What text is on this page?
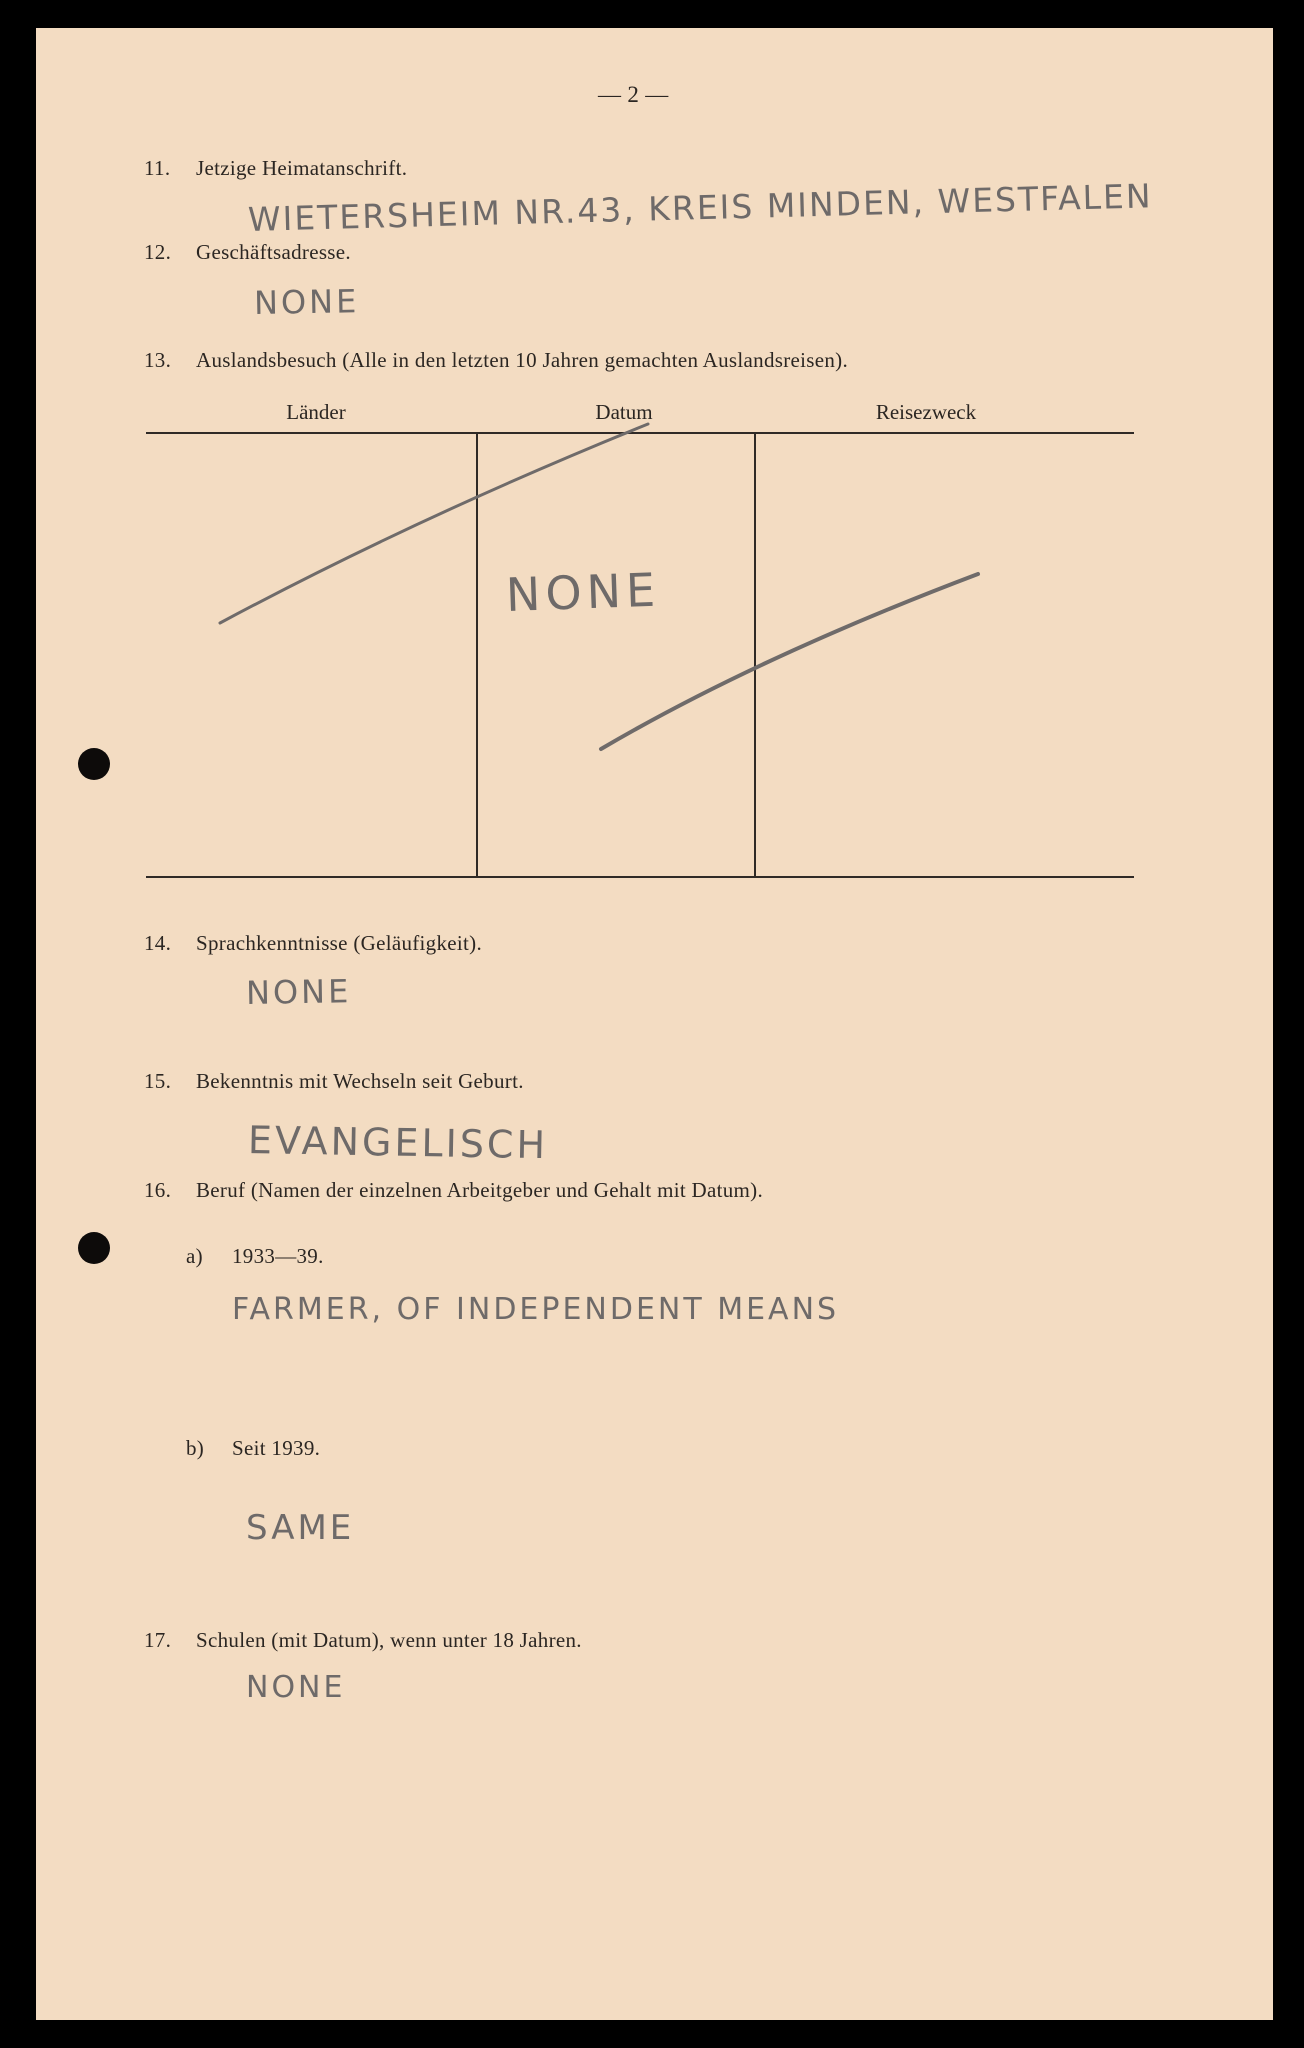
— 2 —
11. Jetzige Heimatanschrift.
WIETERSHEIM NR.43, KREIS MINDEN, WESTFALEN
12. Geschäftsadresse.
NONE
13. Auslandsbesuch (Alle in den letzten 10 Jahren gemachten Auslandsreisen).
Länder	Datum	Reisezweck
NONE
14. Sprachkenntnisse (Geläufigkeit).
NONE
15. Bekenntnis mit Wechseln seit Geburt.
EVANGELISCH
16. Beruf (Namen der einzelnen Arbeitgeber und Gehalt mit Datum).
a) 1933—39.
FARMER, OF INDEPENDENT MEANS
b) Seit 1939.
SAME
17. Schulen (mit Datum), wenn unter 18 Jahren.
NONE
